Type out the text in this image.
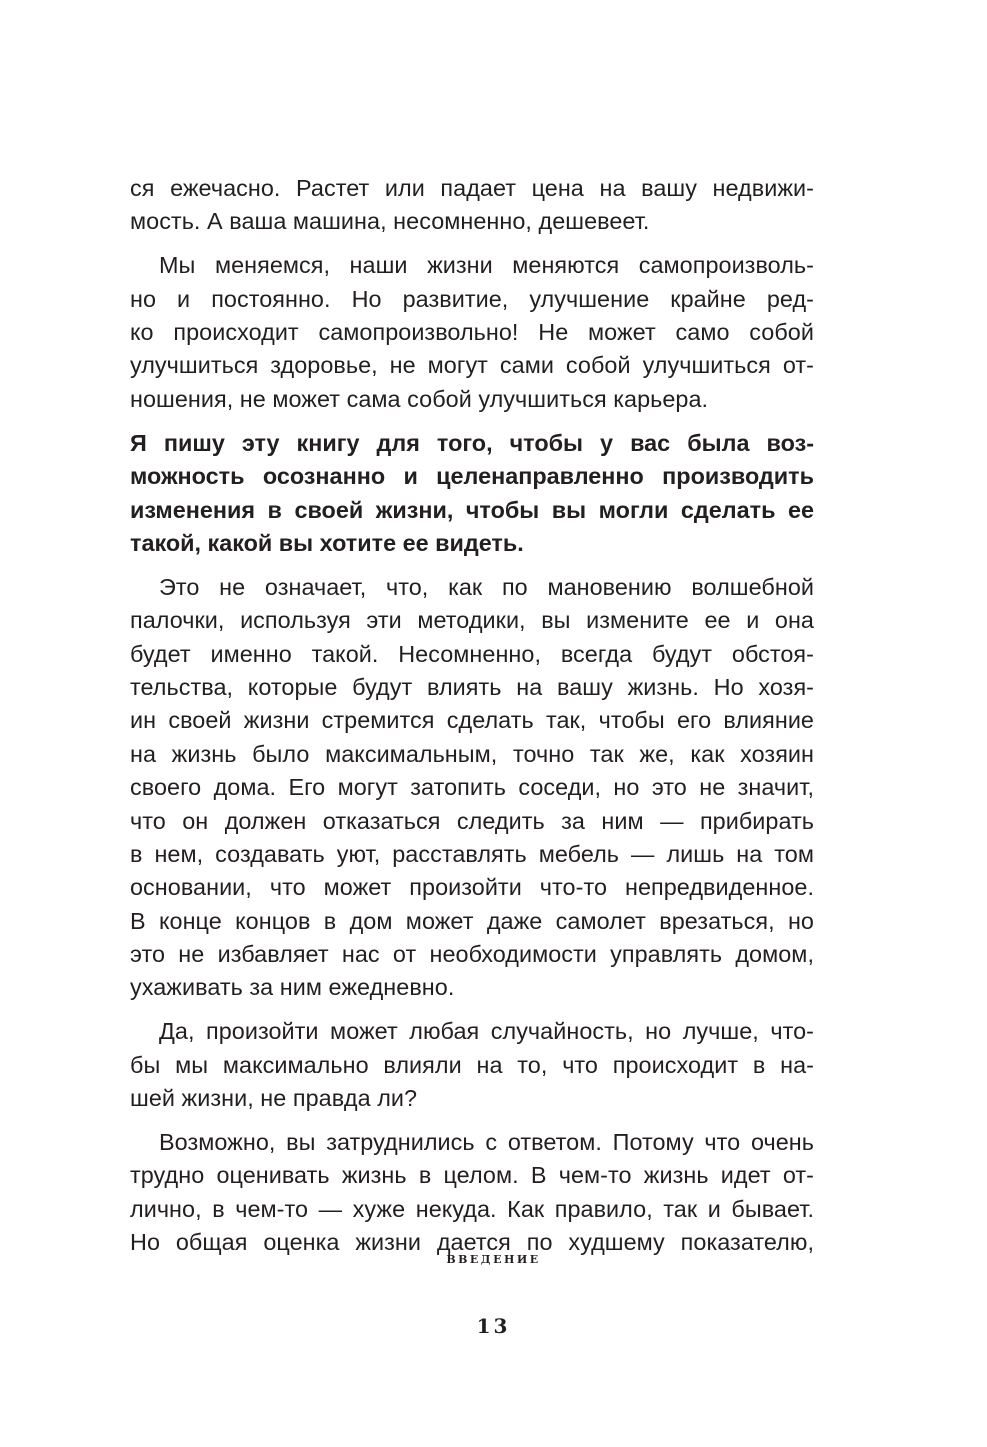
ся ежечасно. Растет или падает цена на вашу недвижи-
мость. А ваша машина, несомненно, дешевеет.
Мы меняемся, наши жизни меняются самопроизволь-
но и постоянно. Но развитие, улучшение крайне ред-
ко происходит самопроизвольно! Не может само собой
улучшиться здоровье, не могут сами собой улучшиться от-
ношения, не может сама собой улучшиться карьера.
Я пишу эту книгу для того, чтобы у вас была воз-
можность осознанно и целенаправленно производить
изменения в своей жизни, чтобы вы могли сделать ее
такой, какой вы хотите ее видеть.
Это не означает, что, как по мановению волшебной
палочки, используя эти методики, вы измените ее и она
будет именно такой. Несомненно, всегда будут обстоя-
тельства, которые будут влиять на вашу жизнь. Но хозя-
ин своей жизни стремится сделать так, чтобы его влияние
на жизнь было максимальным, точно так же, как хозяин
своего дома. Его могут затопить соседи, но это не значит,
что он должен отказаться следить за ним — прибирать
в нем, создавать уют, расставлять мебель — лишь на том
основании, что может произойти что-то непредвиденное.
В конце концов в дом может даже самолет врезаться, но
это не избавляет нас от необходимости управлять домом,
ухаживать за ним ежедневно.
Да, произойти может любая случайность, но лучше, что-
бы мы максимально влияли на то, что происходит в на-
шей жизни, не правда ли?
Возможно, вы затруднились с ответом. Потому что очень
трудно оценивать жизнь в целом. В чем-то жизнь идет от-
лично, в чем-то — хуже некуда. Как правило, так и бывает.
Но общая оценка жизни дается по худшему показателю,
ВВЕДЕНИЕ
13
